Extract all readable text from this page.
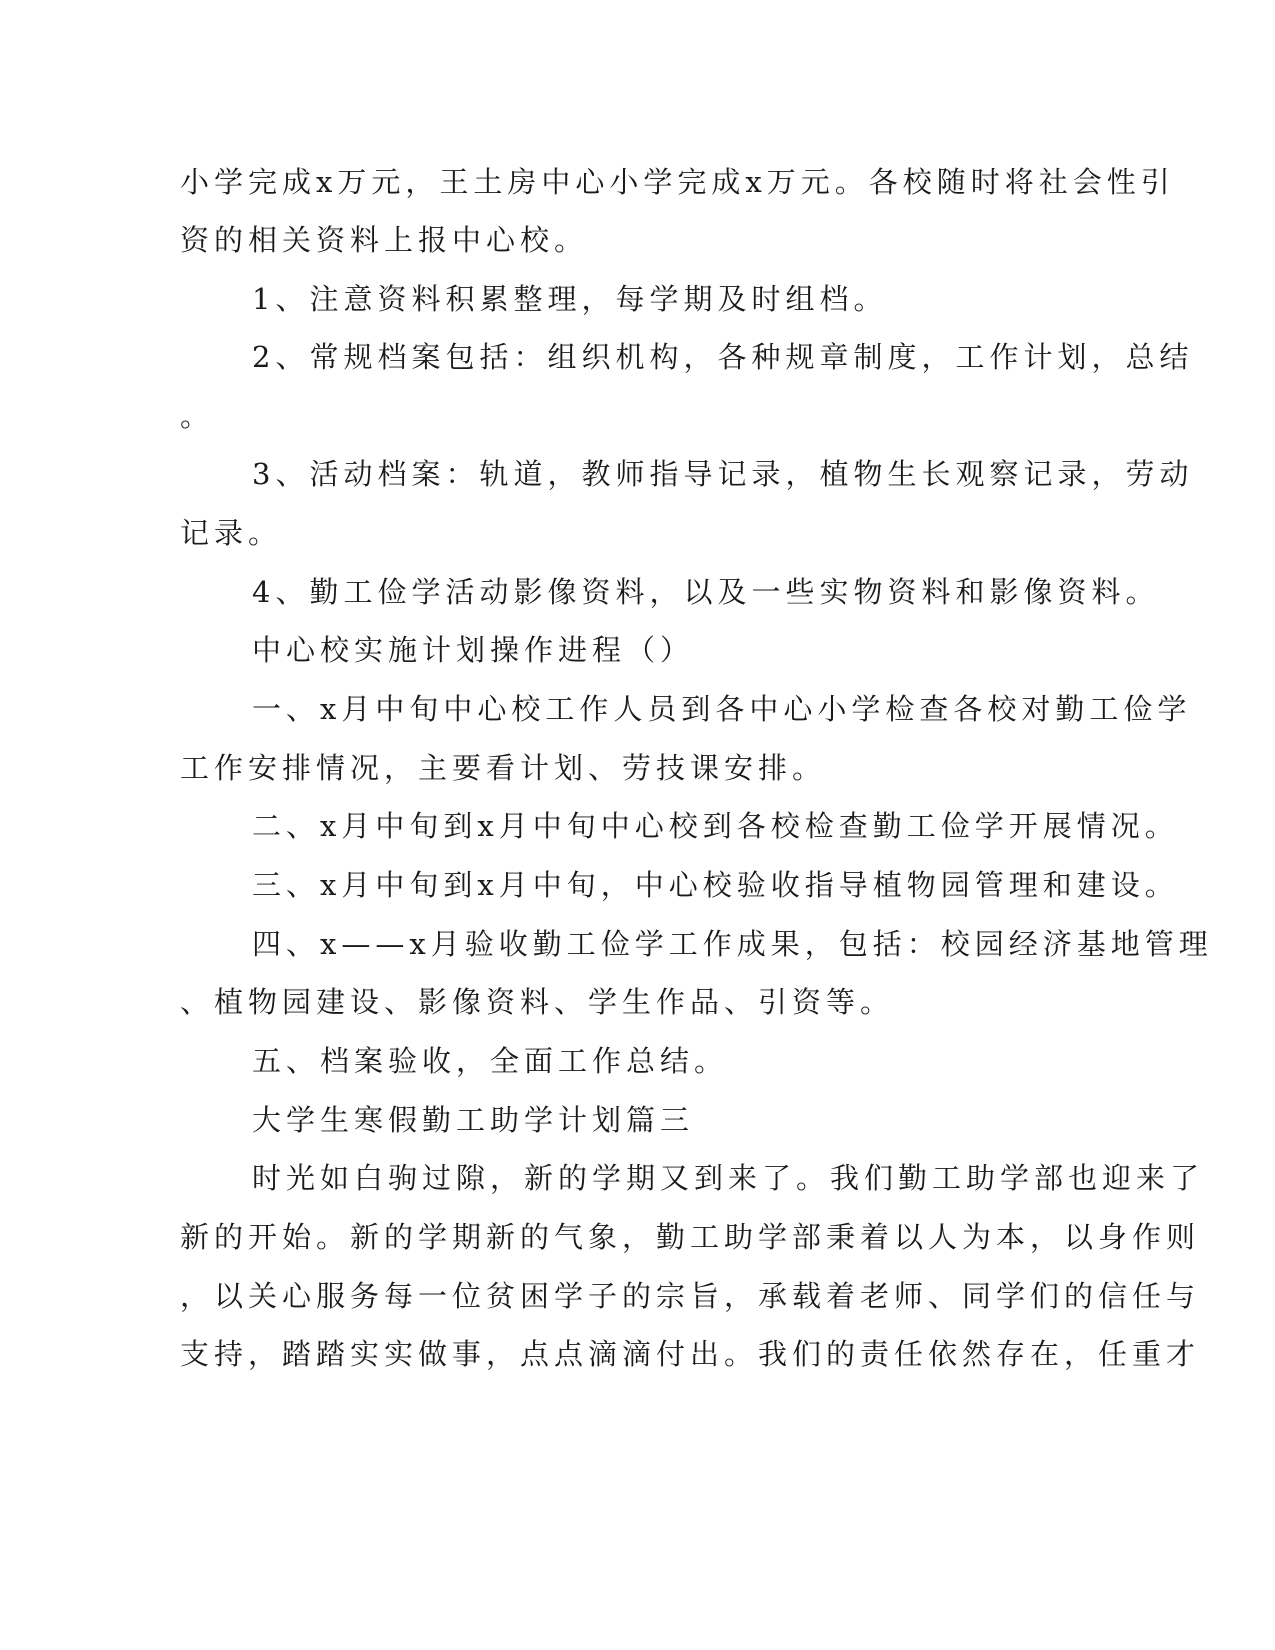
小学完成x万元，王土房中心小学完成x万元。各校随时将社会性引
资的相关资料上报中心校。
1、注意资料积累整理，每学期及时组档。
2、常规档案包括：组织机构，各种规章制度，工作计划，总结
。
3、活动档案：轨道，教师指导记录，植物生长观察记录，劳动
记录。
4、勤工俭学活动影像资料，以及一些实物资料和影像资料。
中心校实施计划操作进程（）
一、x月中旬中心校工作人员到各中心小学检查各校对勤工俭学
工作安排情况，主要看计划、劳技课安排。
二、x月中旬到x月中旬中心校到各校检查勤工俭学开展情况。
三、x月中旬到x月中旬，中心校验收指导植物园管理和建设。
四、x——x月验收勤工俭学工作成果，包括：校园经济基地管理
、植物园建设、影像资料、学生作品、引资等。
五、档案验收，全面工作总结。
大学生寒假勤工助学计划篇三
时光如白驹过隙，新的学期又到来了。我们勤工助学部也迎来了
新的开始。新的学期新的气象，勤工助学部秉着以人为本，以身作则
，以关心服务每一位贫困学子的宗旨，承载着老师、同学们的信任与
支持，踏踏实实做事，点点滴滴付出。我们的责任依然存在，任重才
